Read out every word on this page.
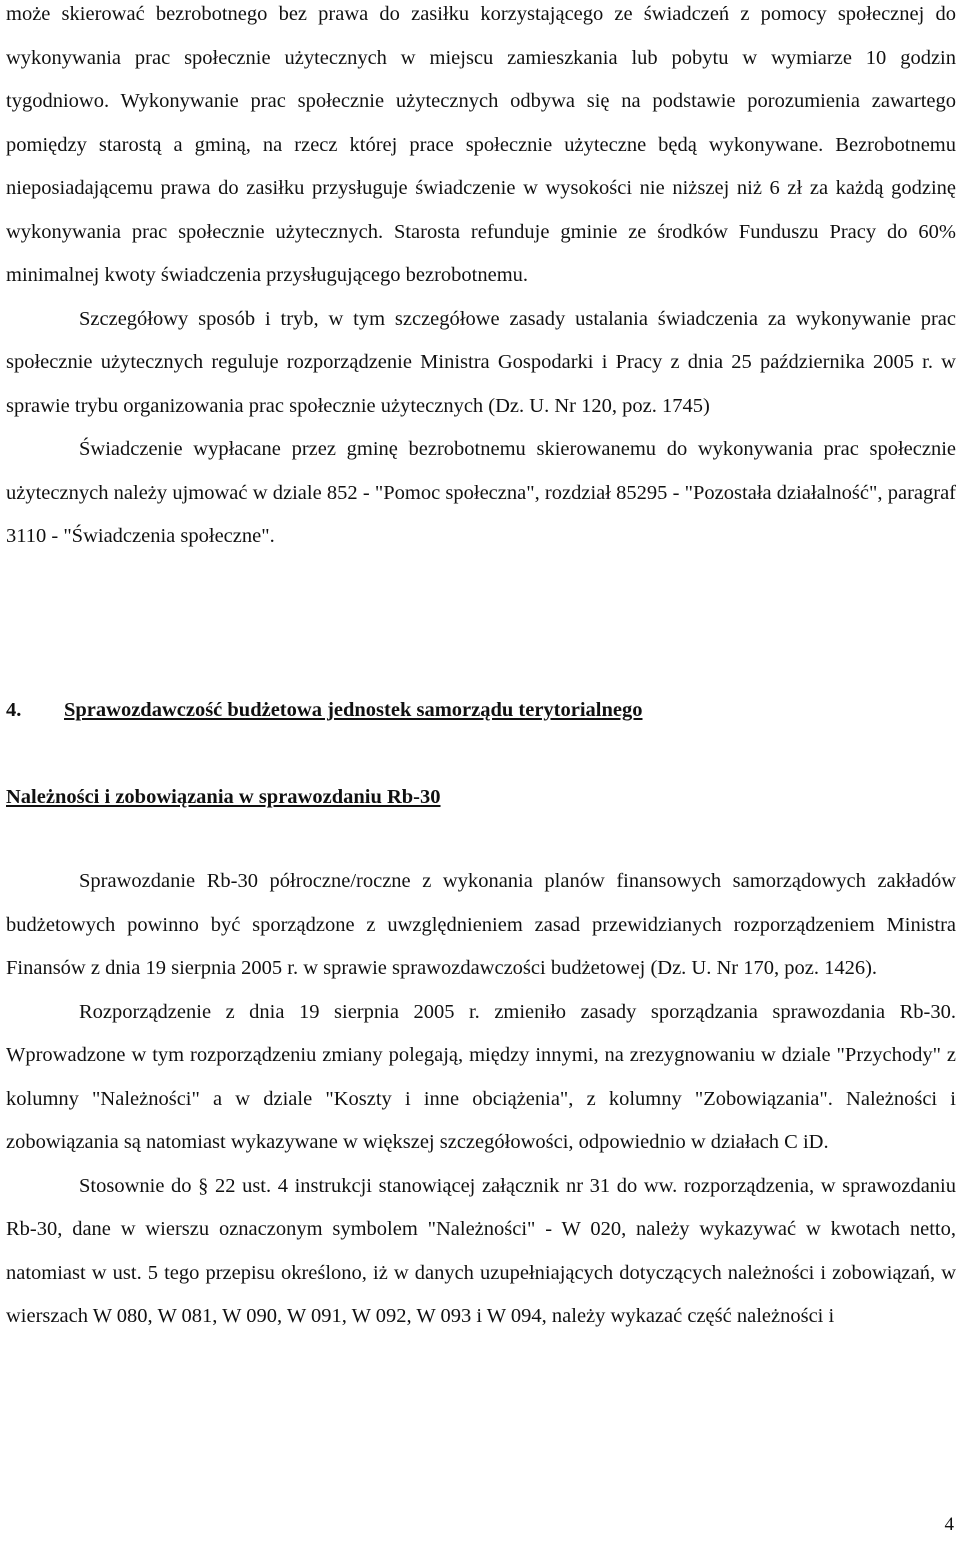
może skierować bezrobotnego bez prawa do zasiłku korzystającego ze świadczeń z pomocy społecznej do wykonywania prac społecznie użytecznych w miejscu zamieszkania lub pobytu w wymiarze 10 godzin tygodniowo. Wykonywanie prac społecznie użytecznych odbywa się na podstawie porozumienia zawartego pomiędzy starostą a gminą, na rzecz której prace społecznie użyteczne będą wykonywane. Bezrobotnemu nieposiadającemu prawa do zasiłku przysługuje świadczenie w wysokości nie niższej niż 6 zł za każdą godzinę wykonywania prac społecznie użytecznych. Starosta refunduje gminie ze środków Funduszu Pracy do 60% minimalnej kwoty świadczenia przysługującego bezrobotnemu.

Szczegółowy sposób i tryb, w tym szczegółowe zasady ustalania świadczenia za wykonywanie prac społecznie użytecznych reguluje rozporządzenie Ministra Gospodarki i Pracy z dnia 25 października 2005 r. w sprawie trybu organizowania prac społecznie użytecznych (Dz. U. Nr 120, poz. 1745)

Świadczenie wypłacane przez gminę bezrobotnemu skierowanemu do wykonywania prac społecznie użytecznych należy ujmować w dziale 852 - "Pomoc społeczna", rozdział 85295 - "Pozostała działalność", paragraf 3110 - "Świadczenia społeczne".

4. Sprawozdawczość budżetowa jednostek samorządu terytorialnego
Należności i zobowiązania w sprawozdaniu Rb-30

Sprawozdanie Rb-30 półroczne/roczne z wykonania planów finansowych samorządowych zakładów budżetowych powinno być sporządzone z uwzględnieniem zasad przewidzianych rozporządzeniem Ministra Finansów z dnia 19 sierpnia 2005 r. w sprawie sprawozdawczości budżetowej (Dz. U. Nr 170, poz. 1426).

Rozporządzenie z dnia 19 sierpnia 2005 r. zmieniło zasady sporządzania sprawozdania Rb-30. Wprowadzone w tym rozporządzeniu zmiany polegają, między innymi, na zrezygnowaniu w dziale "Przychody" z kolumny "Należności" a w dziale "Koszty i inne obciążenia", z kolumny "Zobowiązania". Należności i zobowiązania są natomiast wykazywane w większej szczegółowości, odpowiednio w działach C iD.

Stosownie do § 22 ust. 4 instrukcji stanowiącej załącznik nr 31 do ww. rozporządzenia, w sprawozdaniu Rb-30, dane w wierszu oznaczonym symbolem "Należności" - W 020, należy wykazywać w kwotach netto, natomiast w ust. 5 tego przepisu określono, iż w danych uzupełniających dotyczących należności i zobowiązań, w wierszach W 080, W 081, W 090, W 091, W 092, W 093 i W 094, należy wykazać część należności i

4
